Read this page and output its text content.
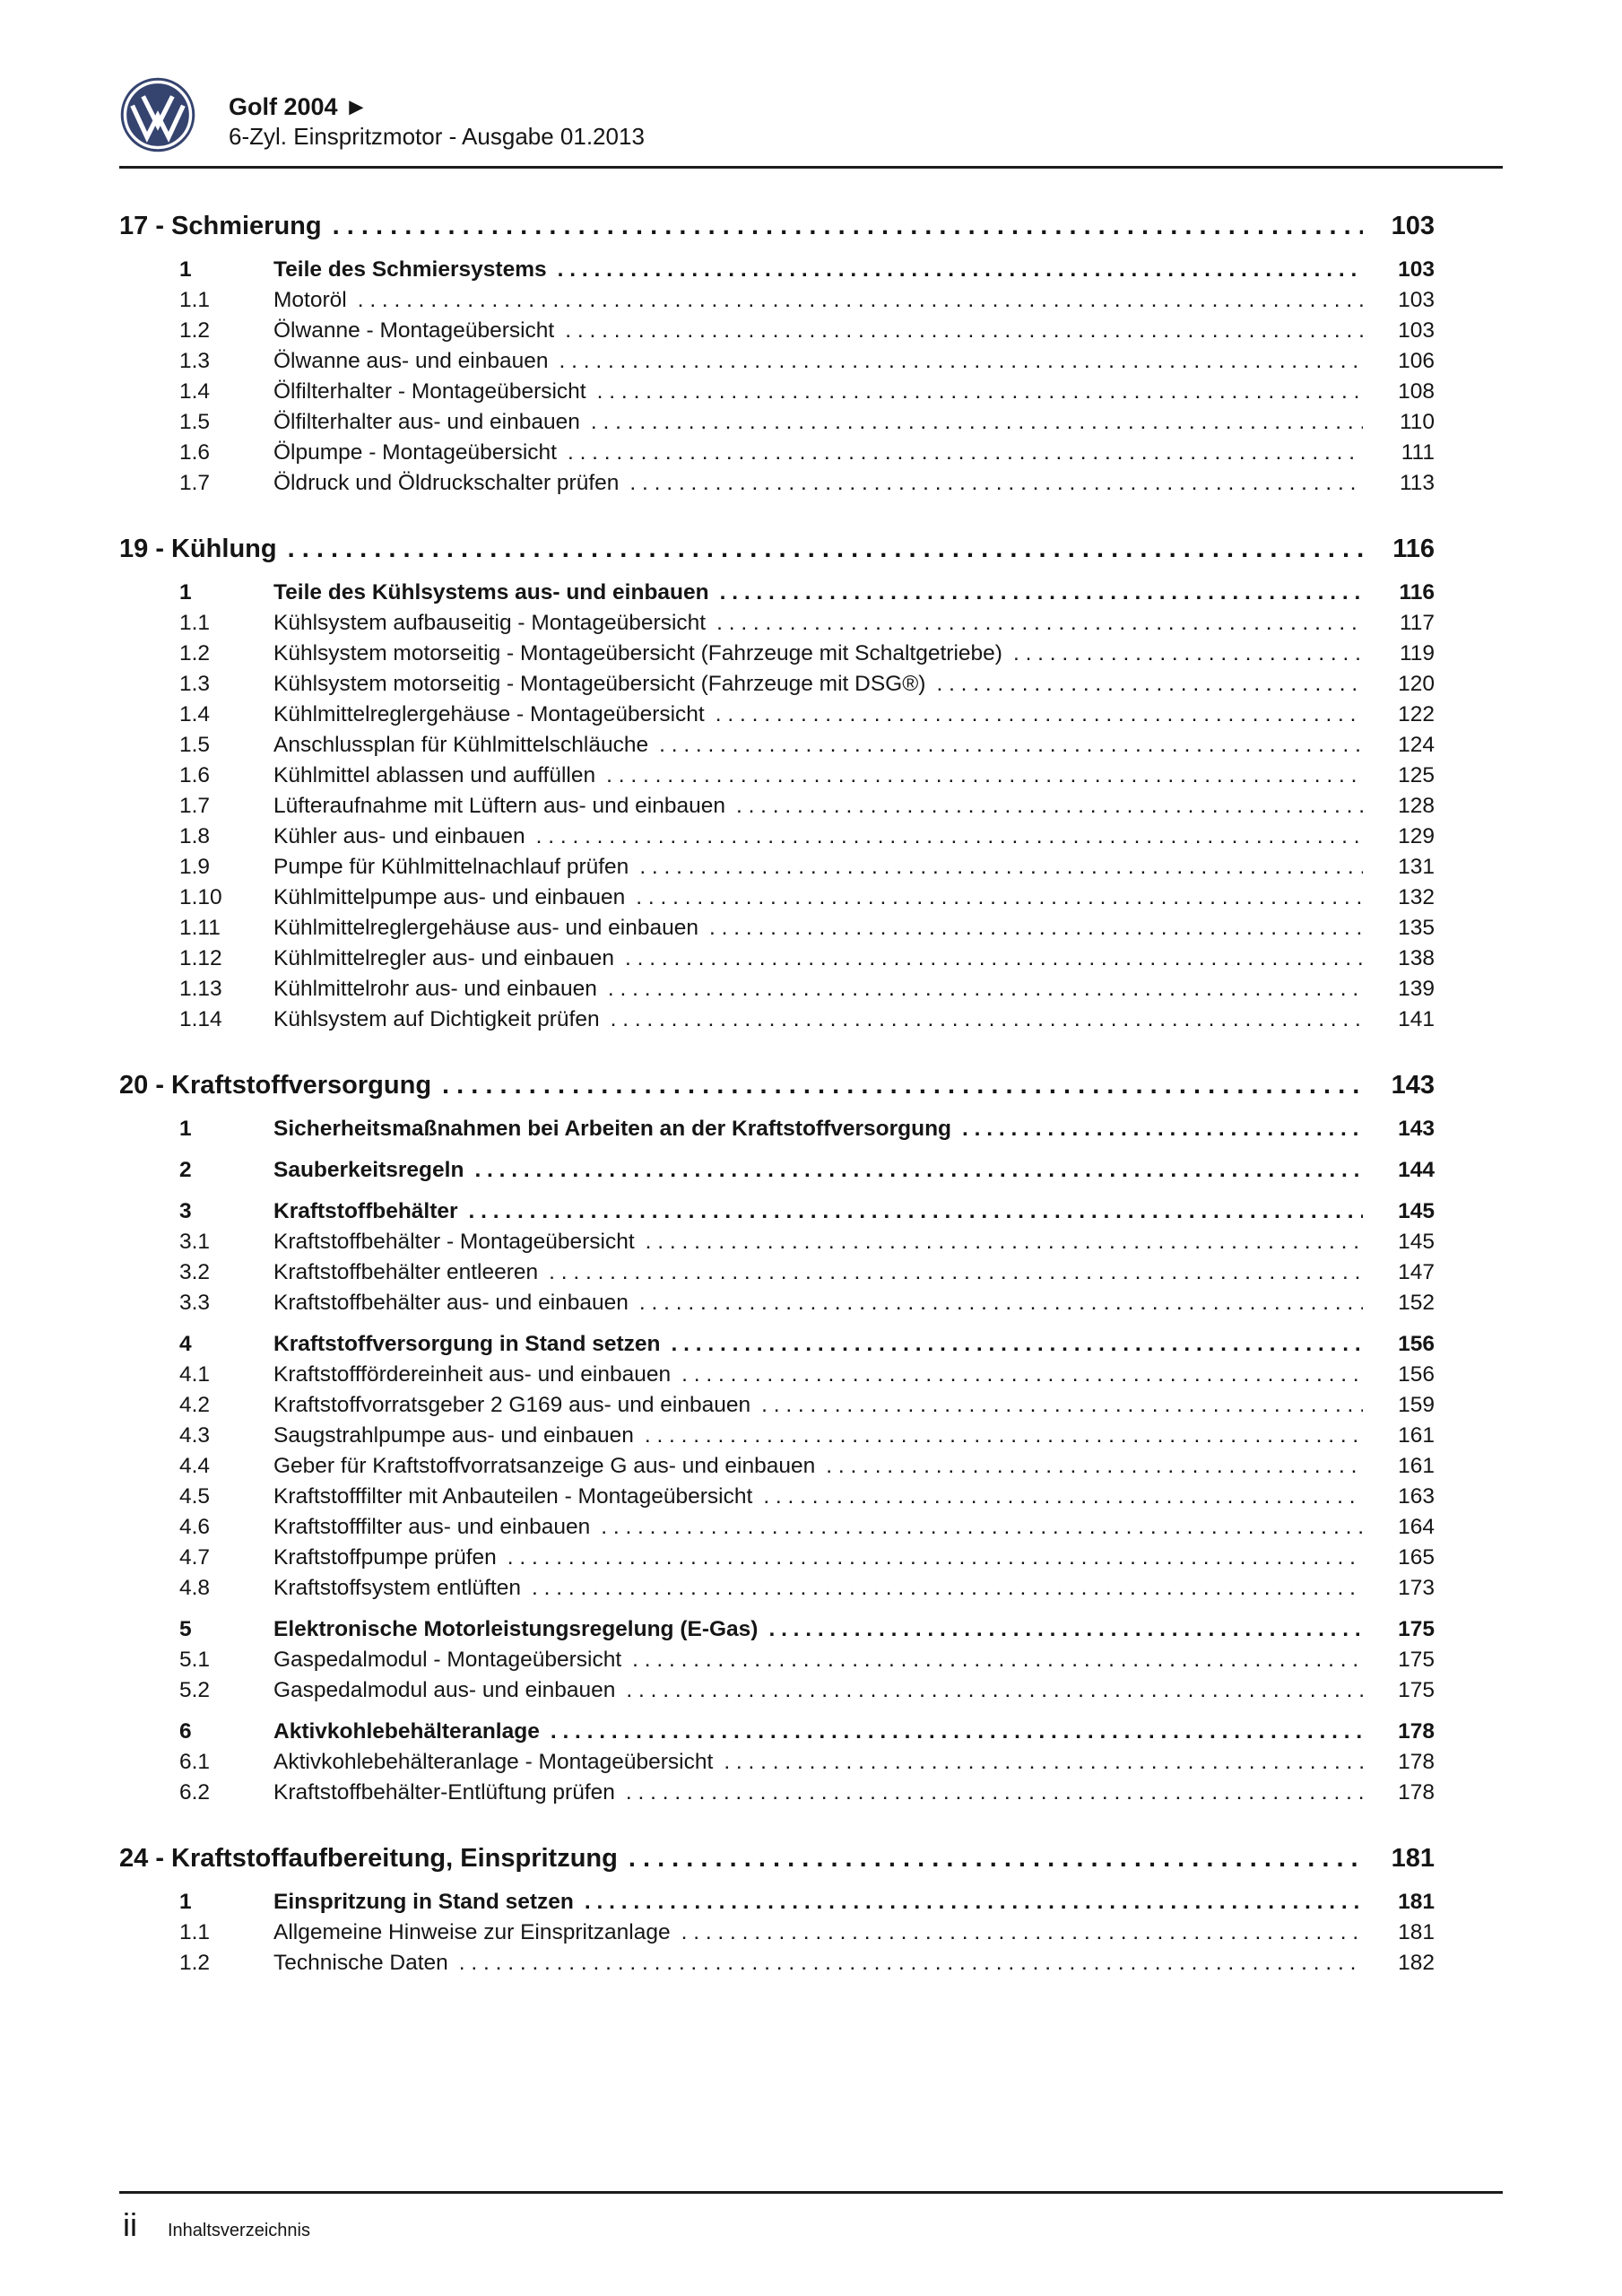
Golf 2004 ►
6-Zyl. Einspritzmotor - Ausgabe 01.2013
17 - Schmierung . . .	103
1	Teile des Schmiersystems . . .	103
1.1	Motoröl . . .	103
1.2	Ölwanne - Montageübersicht . . .	103
1.3	Ölwanne aus- und einbauen . . .	106
1.4	Ölfilterhalter - Montageübersicht . . .	108
1.5	Ölfilterhalter aus- und einbauen . . .	110
1.6	Ölpumpe - Montageübersicht . . .	111
1.7	Öldruck und Öldruckschalter prüfen . . .	113
19 - Kühlung . . .	116
1	Teile des Kühlsystems aus- und einbauen . . .	116
1.1	Kühlsystem aufbauseitig - Montageübersicht . . .	117
1.2	Kühlsystem motorseitig - Montageübersicht (Fahrzeuge mit Schaltgetriebe) . . .	119
1.3	Kühlsystem motorseitig - Montageübersicht (Fahrzeuge mit DSG®) . . .	120
1.4	Kühlmittelreglergehäuse - Montageübersicht . . .	122
1.5	Anschlussplan für Kühlmittelschläuche . . .	124
1.6	Kühlmittel ablassen und auffüllen . . .	125
1.7	Lüfteraufnahme mit Lüftern aus- und einbauen . . .	128
1.8	Kühler aus- und einbauen . . .	129
1.9	Pumpe für Kühlmittelnachlauf prüfen . . .	131
1.10	Kühlmittelpumpe aus- und einbauen . . .	132
1.11	Kühlmittelreglergehäuse aus- und einbauen . . .	135
1.12	Kühlmittelregler aus- und einbauen . . .	138
1.13	Kühlmittelrohr aus- und einbauen . . .	139
1.14	Kühlsystem auf Dichtigkeit prüfen . . .	141
20 - Kraftstoffversorgung . . .	143
1	Sicherheitsmaßnahmen bei Arbeiten an der Kraftstoffversorgung . . .	143
2	Sauberkeitsregeln . . .	144
3	Kraftstoffbehälter . . .	145
3.1	Kraftstoffbehälter - Montageübersicht . . .	145
3.2	Kraftstoffbehälter entleeren . . .	147
3.3	Kraftstoffbehälter aus- und einbauen . . .	152
4	Kraftstoffversorgung in Stand setzen . . .	156
4.1	Kraftstofffördereinheit aus- und einbauen . . .	156
4.2	Kraftstoffvorratsgeber 2 G169 aus- und einbauen . . .	159
4.3	Saugstrahlpumpe aus- und einbauen . . .	161
4.4	Geber für Kraftstoffvorratsanzeige G aus- und einbauen . . .	161
4.5	Kraftstofffilter mit Anbauteilen - Montageübersicht . . .	163
4.6	Kraftstofffilter aus- und einbauen . . .	164
4.7	Kraftstoffpumpe prüfen . . .	165
4.8	Kraftstoffsystem entlüften . . .	173
5	Elektronische Motorleistungsregelung (E-Gas) . . .	175
5.1	Gaspedalmodul - Montageübersicht . . .	175
5.2	Gaspedalmodul aus- und einbauen . . .	175
6	Aktivkohlebehälteranlage . . .	178
6.1	Aktivkohlebehälteranlage - Montageübersicht . . .	178
6.2	Kraftstoffbehälter-Entlüftung prüfen . . .	178
24 - Kraftstoffaufbereitung, Einspritzung . . .	181
1	Einspritzung in Stand setzen . . .	181
1.1	Allgemeine Hinweise zur Einspritzanlage . . .	181
1.2	Technische Daten . . .	182
ii Inhaltsverzeichnis
